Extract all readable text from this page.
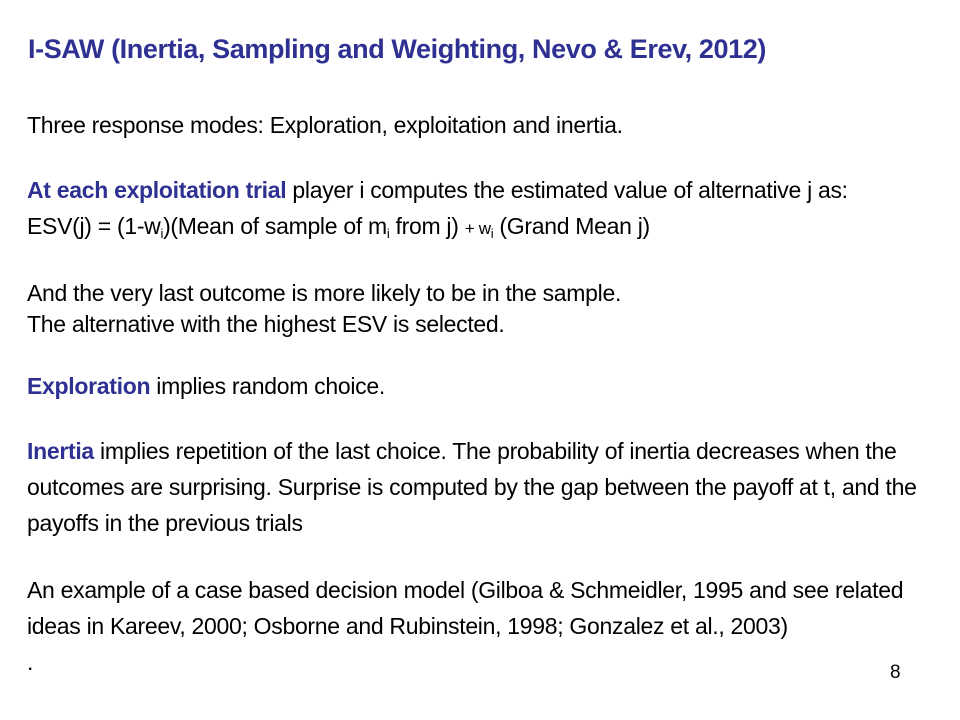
I-SAW (Inertia, Sampling and Weighting, Nevo & Erev, 2012)

Three response modes: Exploration, exploitation and inertia.

At each exploitation trial player i computes the estimated value of alternative j as:
$ESV(j) = (1-w_i)(Mean$ of sample of $m_i$ from $j) + w_i$ (Grand Mean j)

And the very last outcome is more likely to be in the sample.

The alternative with the highest ESV is selected.

Exploration implies random choice.

Inertia implies repetition of the last choice. The probability of inertia decreases when the outcomes are surprising. Surprise is computed by the gap between the payoff at t, and the payoffs in the previous trials

An example of a case based decision model (Gilboa & Schmeidler, 1995 and see related ideas in Kareev, 2000; Osborne and Rubinstein, 1998; Gonzalez et al., 2003)

.	8
